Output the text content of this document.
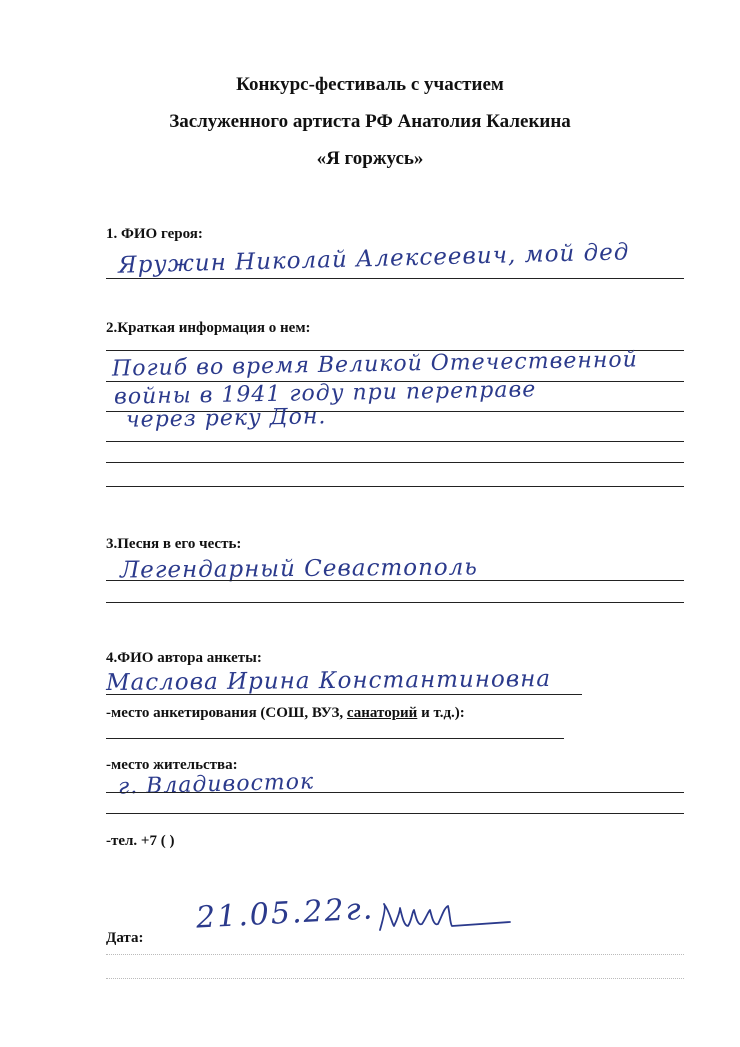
Конкурс-фестиваль с участием
Заслуженного артиста РФ Анатолия Калекина
«Я горжусь»
1. ФИО героя:
Яружин Николай Алексеевич, мой дед
2.Краткая информация о нем:
Погиб во время Великой Отечественной
войны в 1941 году при переправе
через реку Дон.
3.Песня в его честь:
Легендарный Севастополь
4.ФИО автора анкеты:
Маслова Ирина Константиновна
-место анкетирования (СОШ, ВУЗ, санаторий и т.д.):
-место жительства:
г. Владивосток
-тел. +7 ( )
Дата:
21.05.22г.
